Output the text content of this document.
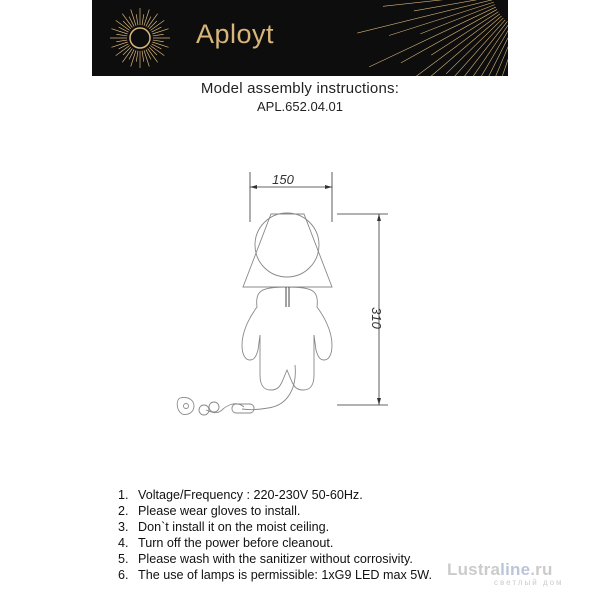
Aployt
Model assembly instructions:
APL.652.04.01
150
310
1. Voltage/Frequency : 220-230V 50-60Hz.
2. Please wear gloves to install.
3. Don`t install it on the moist ceiling.
4. Turn off the power before cleanout.
5. Please wash with the sanitizer without corrosivity.
6. The use of lamps is permissible: 1xG9 LED max 5W. Lustraline.ru
светлый дом
